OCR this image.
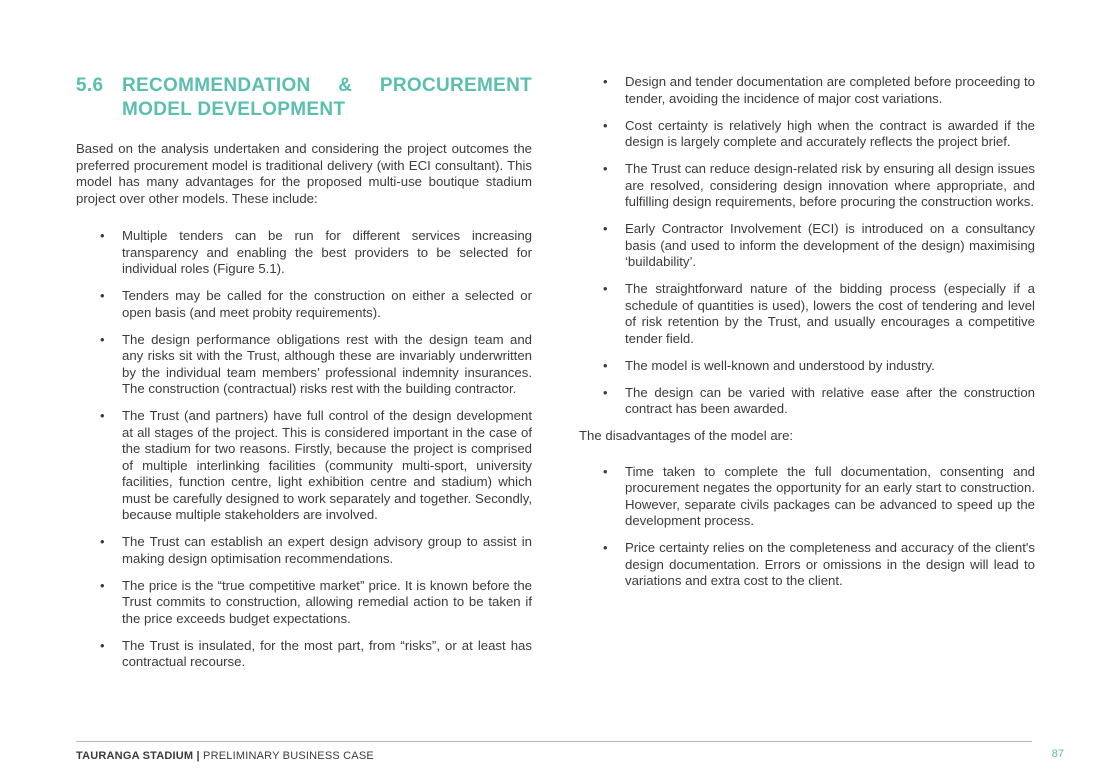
5.6 RECOMMENDATION & PROCUREMENT
MODEL DEVELOPMENT

Based on the analysis undertaken and considering the project outcomes the preferred procurement model is traditional delivery (with ECI consultant). This model has many advantages for the proposed multi-use boutique stadium project over other models. These include:

• Multiple tenders can be run for different services increasing transparency and enabling the best providers to be selected for individual roles (Figure 5.1).
• Tenders may be called for the construction on either a selected or open basis (and meet probity requirements).
• The design performance obligations rest with the design team and any risks sit with the Trust, although these are invariably underwritten by the individual team members’ professional indemnity insurances. The construction (contractual) risks rest with the building contractor.
• The Trust (and partners) have full control of the design development at all stages of the project. This is considered important in the case of the stadium for two reasons. Firstly, because the project is comprised of multiple interlinking facilities (community multi-sport, university facilities, function centre, light exhibition centre and stadium) which must be carefully designed to work separately and together. Secondly, because multiple stakeholders are involved.
• The Trust can establish an expert design advisory group to assist in making design optimisation recommendations.
• The price is the “true competitive market” price. It is known before the Trust commits to construction, allowing remedial action to be taken if the price exceeds budget expectations.
• The Trust is insulated, for the most part, from “risks”, or at least has contractual recourse.
• Design and tender documentation are completed before proceeding to tender, avoiding the incidence of major cost variations.
• Cost certainty is relatively high when the contract is awarded if the design is largely complete and accurately reflects the project brief.
• The Trust can reduce design-related risk by ensuring all design issues are resolved, considering design innovation where appropriate, and fulfilling design requirements, before procuring the construction works.
• Early Contractor Involvement (ECI) is introduced on a consultancy basis (and used to inform the development of the design) maximising ‘buildability’.
• The straightforward nature of the bidding process (especially if a schedule of quantities is used), lowers the cost of tendering and level of risk retention by the Trust, and usually encourages a competitive tender field.
• The model is well-known and understood by industry.
• The design can be varied with relative ease after the construction contract has been awarded.

The disadvantages of the model are:

• Time taken to complete the full documentation, consenting and procurement negates the opportunity for an early start to construction. However, separate civils packages can be advanced to speed up the development process.
• Price certainty relies on the completeness and accuracy of the client's design documentation. Errors or omissions in the design will lead to variations and extra cost to the client.
TAURANGA STADIUM | PRELIMINARY BUSINESS CASE	87
